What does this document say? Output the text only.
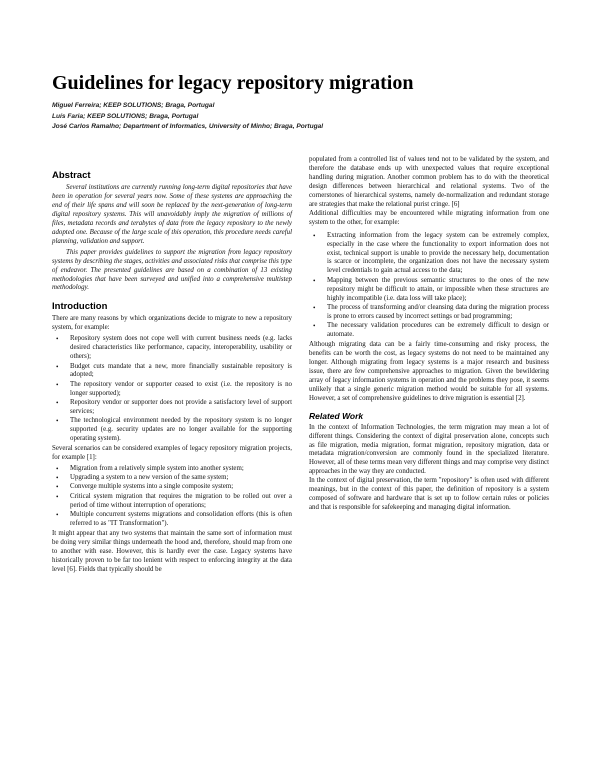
Guidelines for legacy repository migration
Miguel Ferreira; KEEP SOLUTIONS; Braga, Portugal
Luís Faria; KEEP SOLUTIONS; Braga, Portugal
José Carlos Ramalho; Department of Informatics, University of Minho; Braga, Portugal
Abstract

Several institutions are currently running long-term digital repositories that have been in operation for several years now. Some of these systems are approaching the end of their life spans and will soon be replaced by the next-generation of long-term digital repository systems. This will unavoidably imply the migration of millions of files, metadata records and terabytes of data from the legacy repository to the newly adopted one. Because of the large scale of this operation, this procedure needs careful planning, validation and support.

This paper provides guidelines to support the migration from legacy repository systems by describing the stages, activities and associated risks that comprise this type of endeavor. The presented guidelines are based on a combination of 13 existing methodologies that have been surveyed and unified into a comprehensive multistep methodology.

Introduction

There are many reasons by which organizations decide to migrate to new a repository system, for example:

• Repository system does not cope well with current business needs (e.g. lacks desired characteristics like performance, capacity, interoperability, usability or others);
• Budget cuts mandate that a new, more financially sustainable repository is adopted;
• The repository vendor or supporter ceased to exist (i.e. the repository is no longer supported);
• Repository vendor or supporter does not provide a satisfactory level of support services;
• The technological environment needed by the repository system is no longer supported (e.g. security updates are no longer available for the supporting operating system).

Several scenarios can be considered examples of legacy repository migration projects, for example [1]:

• Migration from a relatively simple system into another system;
• Upgrading a system to a new version of the same system;
• Converge multiple systems into a single composite system;
• Critical system migration that requires the migration to be rolled out over a period of time without interruption of operations;
• Multiple concurrent systems migrations and consolidation efforts (this is often referred to as "IT Transformation").

It might appear that any two systems that maintain the same sort of information must be doing very similar things underneath the hood and, therefore, should map from one to another with ease. However, this is hardly ever the case. Legacy systems have historically proven to be far too lenient with respect to enforcing integrity at the data level [6]. Fields that typically should be

populated from a controlled list of values tend not to be validated by the system, and therefore the database ends up with unexpected values that require exceptional handling during migration. Another common problem has to do with the theoretical design differences between hierarchical and relational systems. Two of the cornerstones of hierarchical systems, namely de-normalization and redundant storage are strategies that make the relational purist cringe. [6]

Additional difficulties may be encountered while migrating information from one system to the other, for example:

• Extracting information from the legacy system can be extremely complex, especially in the case where the functionality to export information does not exist, technical support is unable to provide the necessary help, documentation is scarce or incomplete, the organization does not have the necessary system level credentials to gain actual access to the data;
• Mapping between the previous semantic structures to the ones of the new repository might be difficult to attain, or impossible when these structures are highly incompatible (i.e. data loss will take place);
• The process of transforming and/or cleansing data during the migration process is prone to errors caused by incorrect settings or bad programming;
• The necessary validation procedures can be extremely difficult to design or automate.

Although migrating data can be a fairly time-consuming and risky process, the benefits can be worth the cost, as legacy systems do not need to be maintained any longer. Although migrating from legacy systems is a major research and business issue, there are few comprehensive approaches to migration. Given the bewildering array of legacy information systems in operation and the problems they pose, it seems unlikely that a single generic migration method would be suitable for all systems. However, a set of comprehensive guidelines to drive migration is essential [2].

Related Work

In the context of Information Technologies, the term migration may mean a lot of different things. Considering the context of digital preservation alone, concepts such as file migration, media migration, format migration, repository migration, data or metadata migration/conversion are commonly found in the specialized literature. However, all of these terms mean very different things and may comprise very distinct approaches in the way they are conducted.

In the context of digital preservation, the term "repository" is often used with different meanings, but in the context of this paper, the definition of repository is a system composed of software and hardware that is set up to follow certain rules or policies and that is responsible for safekeeping and managing digital information.
